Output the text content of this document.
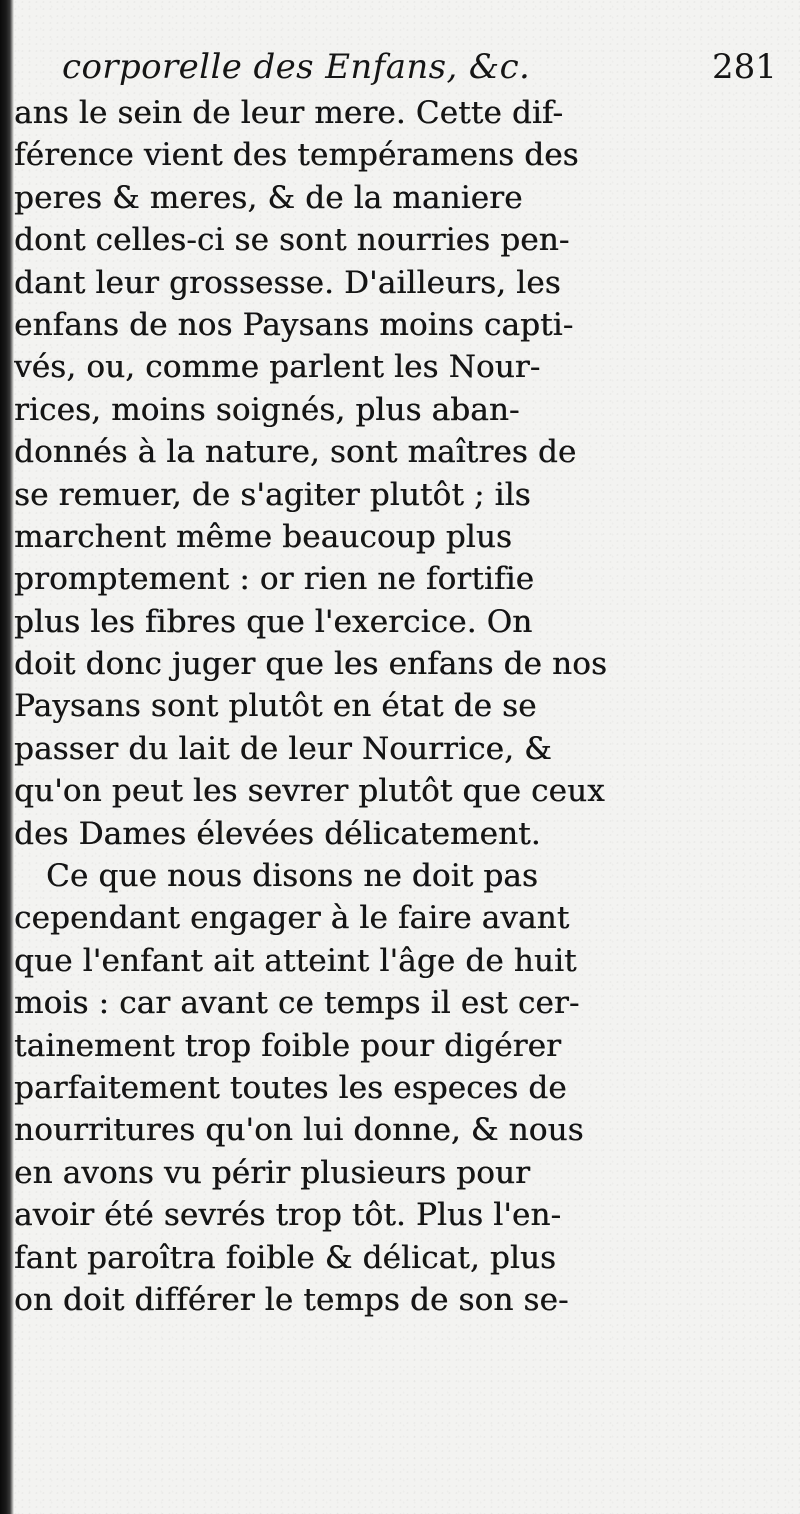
corporelle des Enfans, &c.	281
ans le sein de leur mere. Cette dif-
férence vient des tempéramens des
peres & meres, & de la maniere
dont celles-ci se sont nourries pen-
dant leur grossesse. D'ailleurs, les
enfans de nos Paysans moins capti-
vés, ou, comme parlent les Nour-
rices, moins soignés, plus aban-
donnés à la nature, sont maîtres de
se remuer, de s'agiter plutôt ; ils
marchent même beaucoup plus
promptement : or rien ne fortifie
plus les fibres que l'exercice. On
doit donc juger que les enfans de nos
Paysans sont plutôt en état de se
passer du lait de leur Nourrice, &
qu'on peut les sevrer plutôt que ceux
des Dames élevées délicatement.
Ce que nous disons ne doit pas
cependant engager à le faire avant
que l'enfant ait atteint l'âge de huit
mois : car avant ce temps il est cer-
tainement trop foible pour digérer
parfaitement toutes les especes de
nourritures qu'on lui donne, & nous
en avons vu périr plusieurs pour
avoir été sevrés trop tôt. Plus l'en-
fant paroîtra foible & délicat, plus
on doit différer le temps de son se-
